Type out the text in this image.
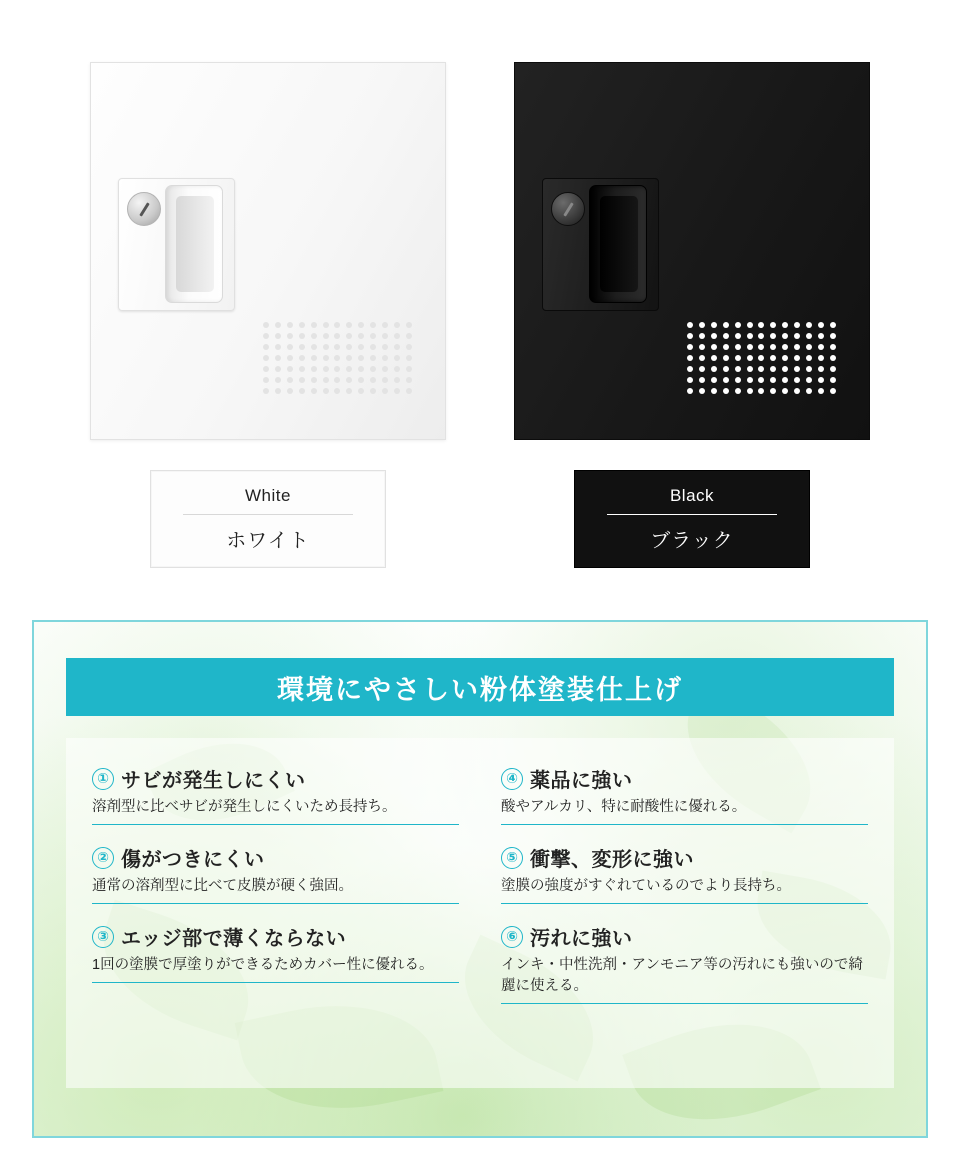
White
ホワイト
Black
ブラック
環境にやさしい粉体塗装仕上げ
① サビが発生しにくい
溶剤型に比べサビが発生しにくいため長持ち。
④ 薬品に強い
酸やアルカリ、特に耐酸性に優れる。
② 傷がつきにくい
通常の溶剤型に比べて皮膜が硬く強固。
⑤ 衝撃、変形に強い
塗膜の強度がすぐれているのでより長持ち。
③ エッジ部で薄くならない
1回の塗膜で厚塗りができるためカバー性に優れる。
⑥ 汚れに強い
インキ・中性洗剤・アンモニア等の汚れにも強いので綺麗に使える。
